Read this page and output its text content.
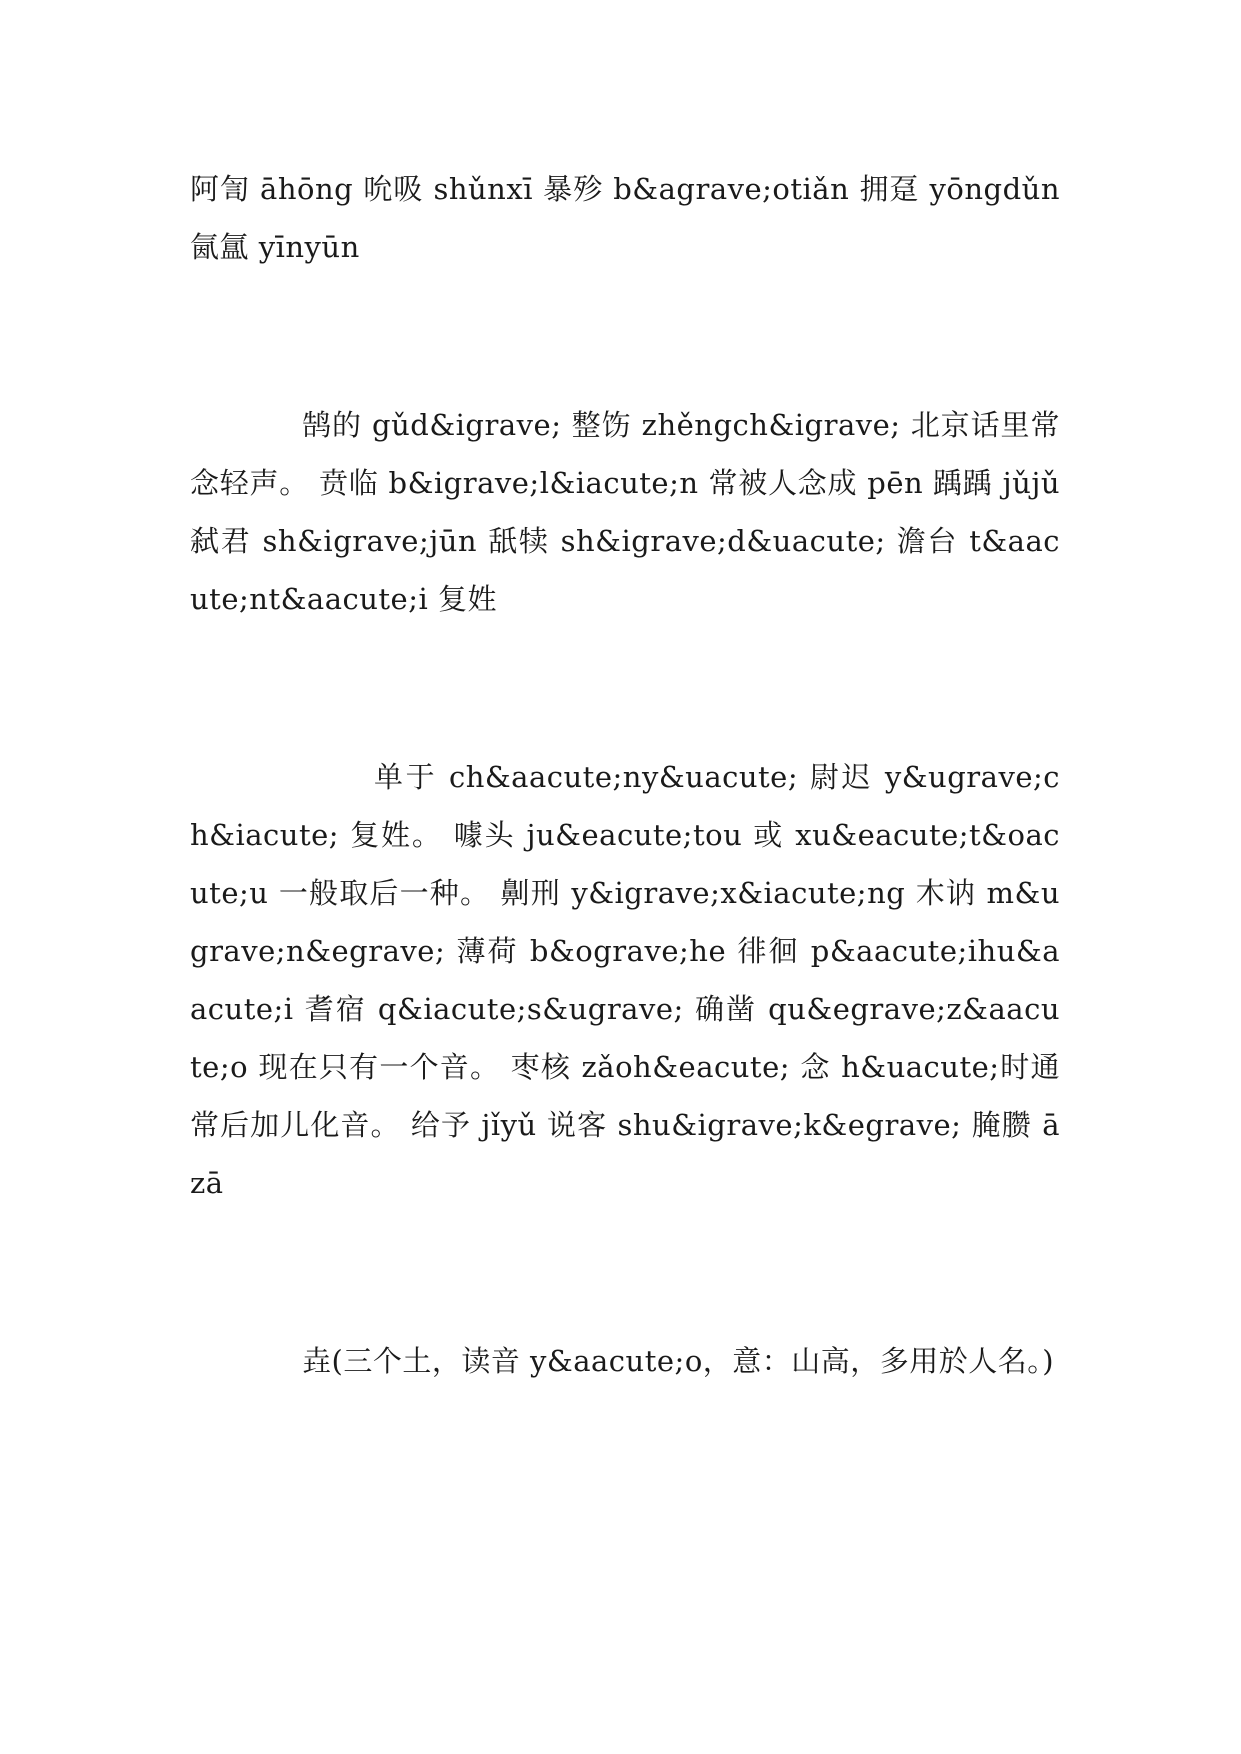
阿訇 āhōng 吮吸 shǔnxī 暴殄 b&agrave;otiǎn 拥趸 yōngdǔn 氤氲 yīnyūn

鹄的 gǔd&igrave; 整饬 zhěngch&igrave; 北京话里常念轻声。 贲临 b&igrave;l&iacute;n 常被人念成 pēn 踽踽 jǔjǔ 弑君 sh&igrave;jūn 舐犊 sh&igrave;d&uacute; 澹台 t&aacute;nt&aacute;i 复姓

单于 ch&aacute;ny&uacute; 尉迟 y&ugrave;ch&iacute; 复姓。 噱头 ju&eacute;tou 或 xu&eacute;t&oacute;u 一般取后一种。 劓刑 y&igrave;x&iacute;ng 木讷 m&ugrave;n&egrave; 薄荷 b&ograve;he 徘徊 p&aacute;ihu&aacute;i 耆宿 q&iacute;s&ugrave; 确凿 qu&egrave;z&aacute;o 现在只有一个音。 枣核 zǎoh&eacute; 念 h&uacute;时通常后加儿化音。 给予 jǐyǔ 说客 shu&igrave;k&egrave; 腌臜 āzā

垚(三个土，读音 y&aacute;o，意：山高，多用於人名。)
